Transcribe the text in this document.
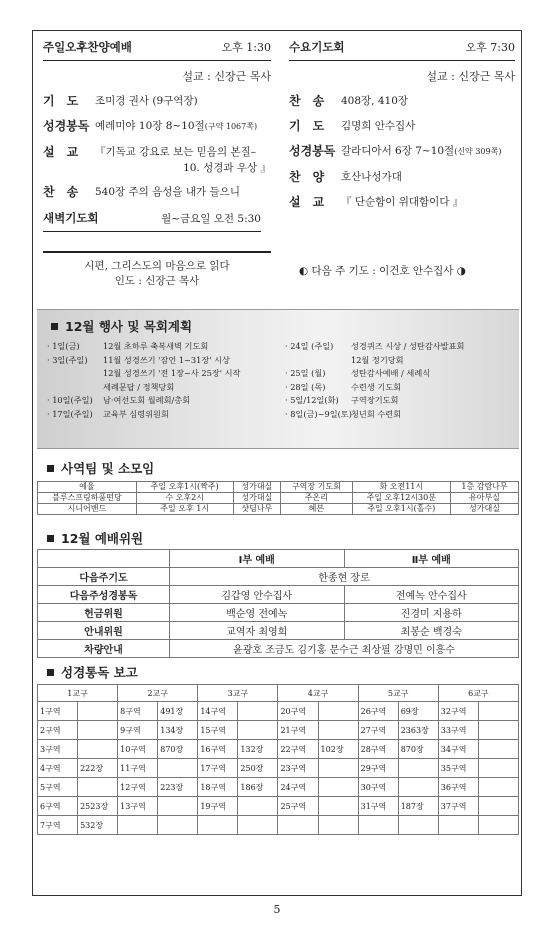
주일오후찬양예배	오후 1:30
설교 : 신장근 목사
기　도	조미경 권사 (9구역장)
성경봉독 예레미야 10장 8~10절(구약 1067쪽)
설　교	『기독교 강요로 보는 믿음의 본질–
10. 성경과 우상 』
찬　송	540장 주의 음성을 내가 들으니
새벽기도회	월~금요일 오전 5:30
수요기도회	오후 7:30
설교 : 신장근 목사
찬　송	408장, 410장
기　도	김명희 안수집사
성경봉독 갈라디아서 6장 7~10절(신약 309쪽)
찬　양	호산나성가대
설　교	『 단순함이 위대함이다 』
시편, 그리스도의 마음으로 읽다
인도 : 신장근 목사
◐ 다음 주 기도 : 이건호 안수집사 ◑
12월 행사 및 목회계획
· 1일(금)	12월 초하루 축복새벽 기도회
· 3일(주일)	11월 성경쓰기 '잠언 1~31장' 시상
12월 성경쓰기 '전 1장~사 25장' 시작
세례문답 / 정책당회
· 10일(주일)	남·여선도회 월례회/총회
· 17일(주일)	교육부 심령위원회
· 24일 (주일)	성경퀴즈 시상 / 성탄감사발표회
12월 정기당회
· 25일 (월)	성탄감사예배 / 세례식
· 28일 (목)	수련생 기도회
· 5일/12일(화)	구역장기도회
· 8일(금)~9일(토) 청년회 수련회
사역팀 및 소모임
예율	주일 오후1시(짝주)	성가대실	구역장 기도회	화 오전11시	1층 감람나무
블루스프링하품떤당	수 오후2시	성가대실	주온리	주일 오후12시30분	유아부실
시니어밴드	주일 오후 1시	샷딤나무	혜븐	주일 오후1시(홀수)	성가대실
12월 예배위원
	Ⅰ부 예배	Ⅱ부 예배
다음주기도	한종현 장로	
다음주성경봉독	김갑영 안수집사	전예녹 안수집사
헌금위원	백순영 전예녹	진경미 지용하
안내위원	교역자 최영희	최봉순 백경숙
차량안내	윤광호 조금도 김기홍 문수근 최상필 강명민 이흥수	
성경통독 보고
1교구		2교구		3교구		4교구		5교구		6교구	
1구역		8구역	491장	14구역		20구역		26구역	69장	32구역	
2구역		9구역	134장	15구역		21구역		27구역	2363장	33구역	
3구역		10구역	870장	16구역	132장	22구역	102장	28구역	870장	34구역	
4구역	222장	11구역		17구역	250장	23구역		29구역		35구역	
5구역		12구역	223장	18구역	186장	24구역		30구역		36구역	
6구역	2523장	13구역		19구역		25구역		31구역	187장	37구역	
7구역	532장										
5
